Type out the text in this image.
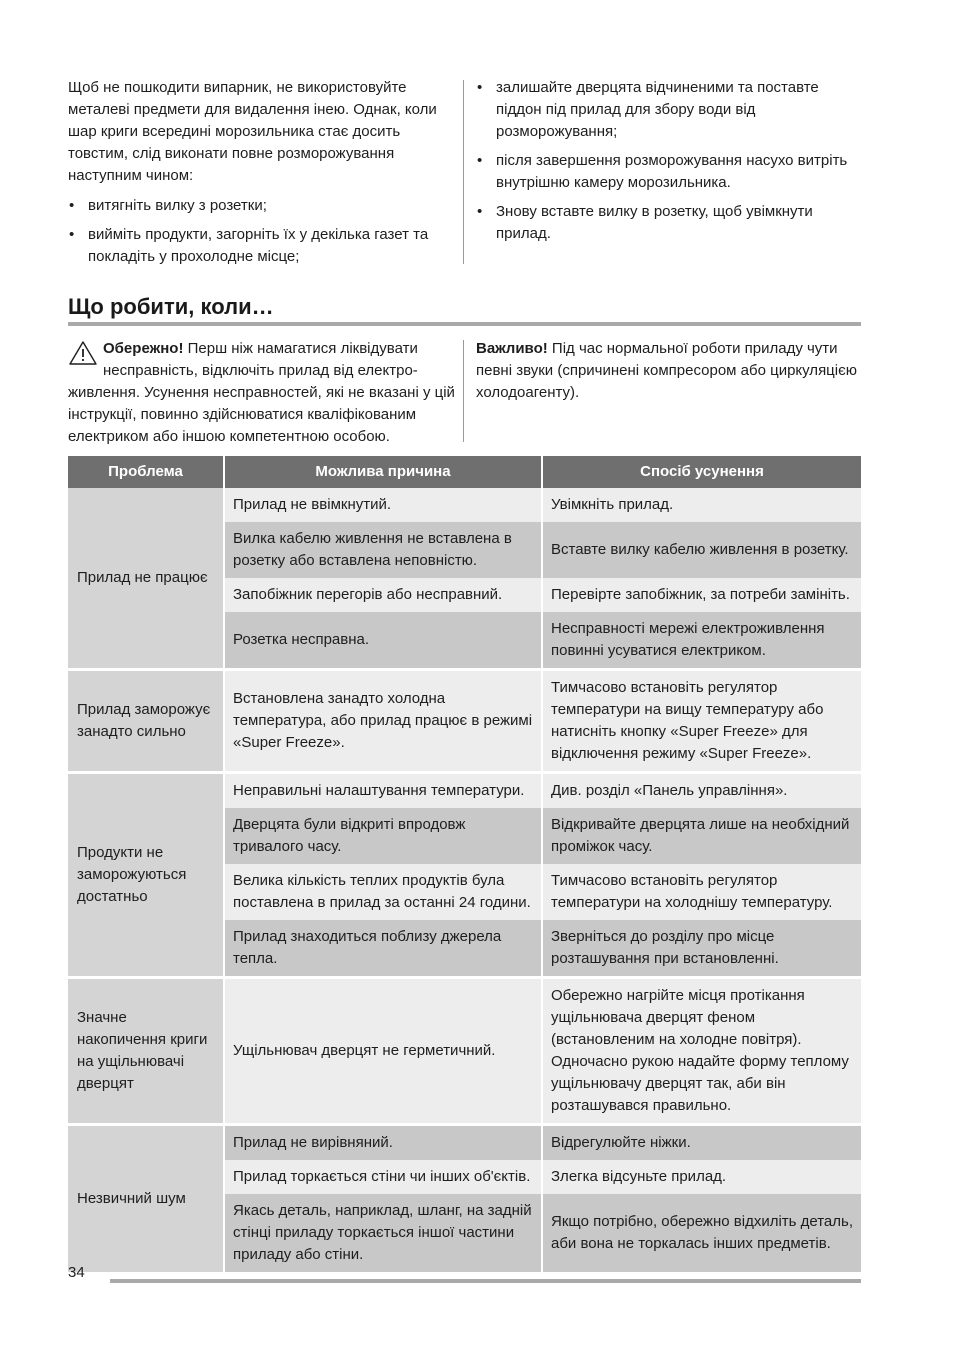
Щоб не пошкодити випарник, не використовуйте металеві предмети для видалення інею. Однак, коли шар криги всередині морозильника стає досить товстим, слід виконати повне розморожування наступним чином:

• витягніть вилку з розетки;
• вийміть продукти, загорніть їх у декілька газет та покладіть у прохолодне місце;
• залишайте дверцята відчиненими та поставте піддон під прилад для збору води від розморожування;
• після завершення розморожування насухо витріть внутрішню камеру морозильника.
• Знову вставте вилку в розетку, щоб увімкнути прилад.
Що робити, коли…
Обережно! Перш ніж намагатися ліквідувати несправність, відключіть прилад від електро-живлення. Усунення несправностей, які не вказані у цій інструкції, повинно здійснюватися кваліфікованим електриком або іншою компетентною особою.
Важливо! Під час нормальної роботи приладу чути певні звуки (спричинені компресором або циркуляцією холодоагенту).
Проблема	Можлива причина	Спосіб усунення
Прилад не працює	Прилад не ввімкнутий.	Увімкніть прилад.
	Вилка кабелю живлення не вставлена в розетку або вставлена неповністю.	Вставте вилку кабелю живлення в розетку.
	Запобіжник перегорів або несправний.	Перевірте запобіжник, за потреби замініть.
	Розетка несправна.	Несправності мережі електроживлення повинні усуватися електриком.
Прилад заморожує занадто сильно	Встановлена занадто холодна температура, або прилад працює в режимі «Super Freeze».	Тимчасово встановіть регулятор температури на вищу температуру або натисніть кнопку «Super Freeze» для відключення режиму «Super Freeze».
Продукти не заморожуються достатньо	Неправильні налаштування температури.	Див. розділ «Панель управління».
	Дверцята були відкриті впродовж тривалого часу.	Відкривайте дверцята лише на необхідний проміжок часу.
	Велика кількість теплих продуктів була поставлена в прилад за останні 24 години.	Тимчасово встановіть регулятор температури на холоднішу температуру.
	Прилад знаходиться поблизу джерела тепла.	Зверніться до розділу про місце розташування при встановленні.
Значне накопичення криги на ущільнювачі дверцят	Ущільнювач дверцят не герметичний.	Обережно нагрійте місця протікання ущільнювача дверцят феном (встановленим на холодне повітря). Одночасно рукою надайте форму теплому ущільнювачу дверцят так, аби він розташувався правильно.
Незвичний шум	Прилад не вирівняний.	Відрегулюйте ніжки.
	Прилад торкається стіни чи інших об'єктів.	Злегка відсуньте прилад.
	Якась деталь, наприклад, шланг, на задній стінці приладу торкається іншої частини приладу або стіни.	Якщо потрібно, обережно відхиліть деталь, аби вона не торкалась інших предметів.
34
